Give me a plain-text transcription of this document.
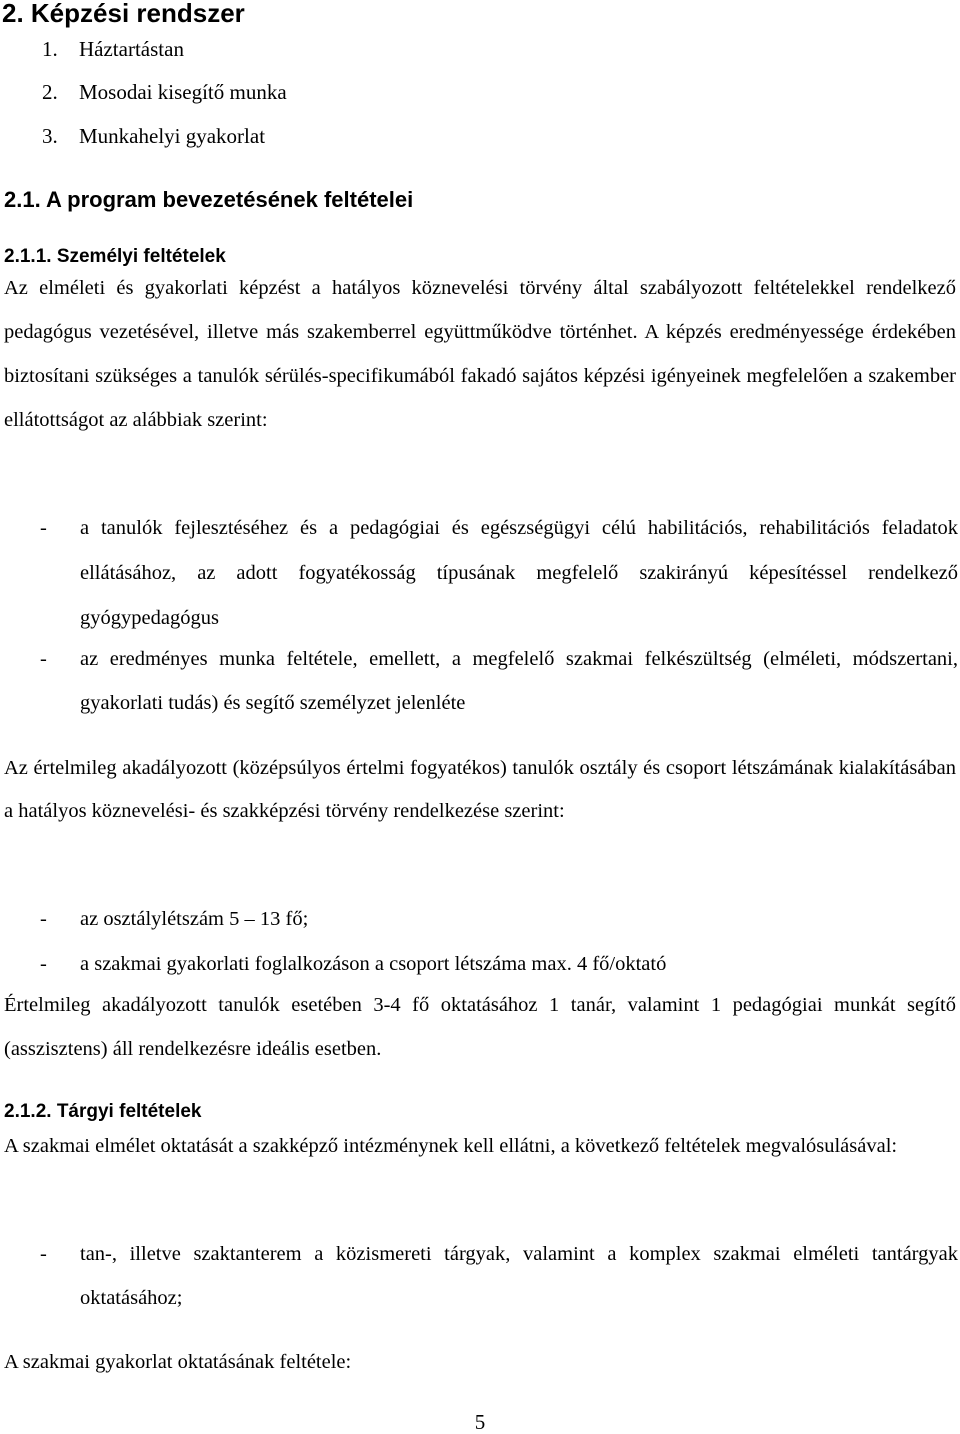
2. Képzési rendszer
1. Háztartástan
2. Mosodai kisegítő munka
3. Munkahelyi gyakorlat
2.1. A program bevezetésének feltételei
2.1.1. Személyi feltételek
Az elméleti és gyakorlati képzést a hatályos köznevelési törvény által szabályozott feltételekkel rendelkező pedagógus vezetésével, illetve más szakemberrel együttműködve történhet. A képzés eredményessége érdekében biztosítani szükséges a tanulók sérülés-specifikumából fakadó sajátos képzési igényeinek megfelelően a szakember ellátottságot az alábbiak szerint:
- a tanulók fejlesztéséhez és a pedagógiai és egészségügyi célú habilitációs, rehabilitációs feladatok ellátásához, az adott fogyatékosság típusának megfelelő szakirányú képesítéssel rendelkező gyógypedagógus
- az eredményes munka feltétele, emellett, a megfelelő szakmai felkészültség (elméleti, módszertani, gyakorlati tudás) és segítő személyzet jelenléte
Az értelmileg akadályozott (középsúlyos értelmi fogyatékos) tanulók osztály és csoport létszámának kialakításában a hatályos köznevelési- és szakképzési törvény rendelkezése szerint:
- az osztálylétszám 5 – 13 fő;
- a szakmai gyakorlati foglalkozáson a csoport létszáma max. 4 fő/oktató
Értelmileg akadályozott tanulók esetében 3-4 fő oktatásához 1 tanár, valamint 1 pedagógiai munkát segítő (asszisztens) áll rendelkezésre ideális esetben.
2.1.2. Tárgyi feltételek
A szakmai elmélet oktatását a szakképző intézménynek kell ellátni, a következő feltételek megvalósulásával:
- tan-, illetve szaktanterem a közismereti tárgyak, valamint a komplex szakmai elméleti tantárgyak oktatásához;
A szakmai gyakorlat oktatásának feltétele:
5
